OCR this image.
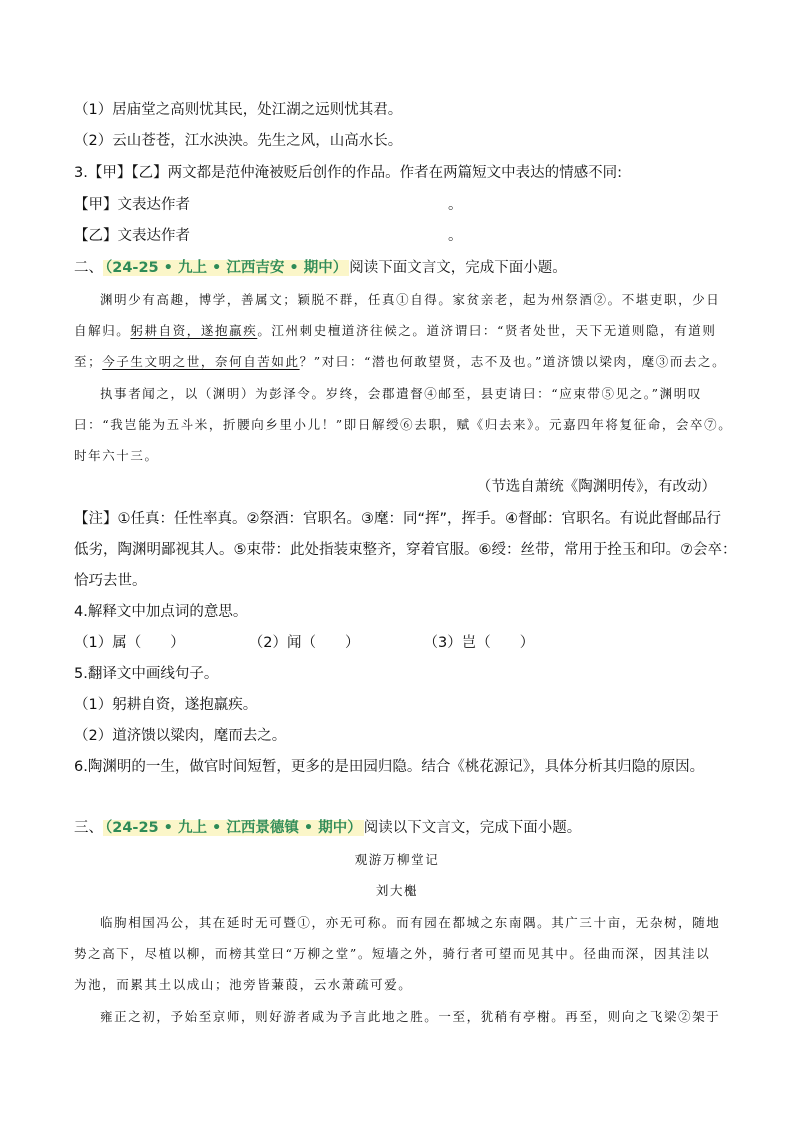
（1）居庙堂之高则忧其民，处江湖之远则忧其君。
（2）云山苍苍，江水泱泱。先生之风，山高水长。
3.【甲】【乙】两文都是范仲淹被贬后创作的作品。作者在两篇短文中表达的情感不同:
【甲】文表达作者	。
【乙】文表达作者	。
二、 （24-25 • 九上 • 江西吉安 • 期中） 阅读下面文言文，完成下面小题。
渊明少有高趣，博学，善属文；颖脱不群，任真①自得。家贫亲老，起为州祭酒②。不堪吏职，少日
自解归。躬耕自资，遂抱羸疾。江州刺史檀道济往候之。道济谓曰：“贤者处世，天下无道则隐，有道则
至；今子生文明之世，奈何自苦如此？”对曰：“潜也何敢望贤，志不及也。”道济馈以梁肉，麾③而去之。
执事者闻之，以（渊明）为彭泽令。岁终，会郡遣督④邮至，县吏请曰：“应束带⑤见之。”渊明叹
曰：“我岂能为五斗米，折腰向乡里小儿！”即日解绶⑥去职，赋《归去来》。元嘉四年将复征命，会卒⑦。
时年六十三。
（节选自萧统《陶渊明传》，有改动）
【注】①任真：任性率真。②祭酒：官职名。③麾：同“挥”，挥手。④督邮：官职名。有说此督邮品行
低劣，陶渊明鄙视其人。⑤束带：此处指装束整齐，穿着官服。⑥绶：丝带，常用于拴玉和印。⑦会卒：
恰巧去世。
4.解释文中加点词的意思。
（1）属（　　）	（2）闻（　　）	（3）岂（　　）
5.翻译文中画线句子。
（1）躬耕自资，遂抱羸疾。
（2）道济馈以粱肉，麾而去之。
6.陶渊明的一生，做官时间短暂，更多的是田园归隐。结合《桃花源记》，具体分析其归隐的原因。
三、 （24-25 • 九上 • 江西景德镇 • 期中） 阅读以下文言文，完成下面小题。
观游万柳堂记
刘大櫆
临朐相国冯公，其在延时无可暨①，亦无可称。而有园在都城之东南隅。其广三十亩，无杂树，随地
势之高下，尽植以柳，而榜其堂曰“万柳之堂”。短墙之外，骑行者可望而见其中。径曲而深，因其洼以
为池，而累其土以成山；池旁皆蒹葭，云水萧疏可爱。
雍正之初，予始至京师，则好游者咸为予言此地之胜。一至，犹稍有亭榭。再至，则向之飞梁②架于
